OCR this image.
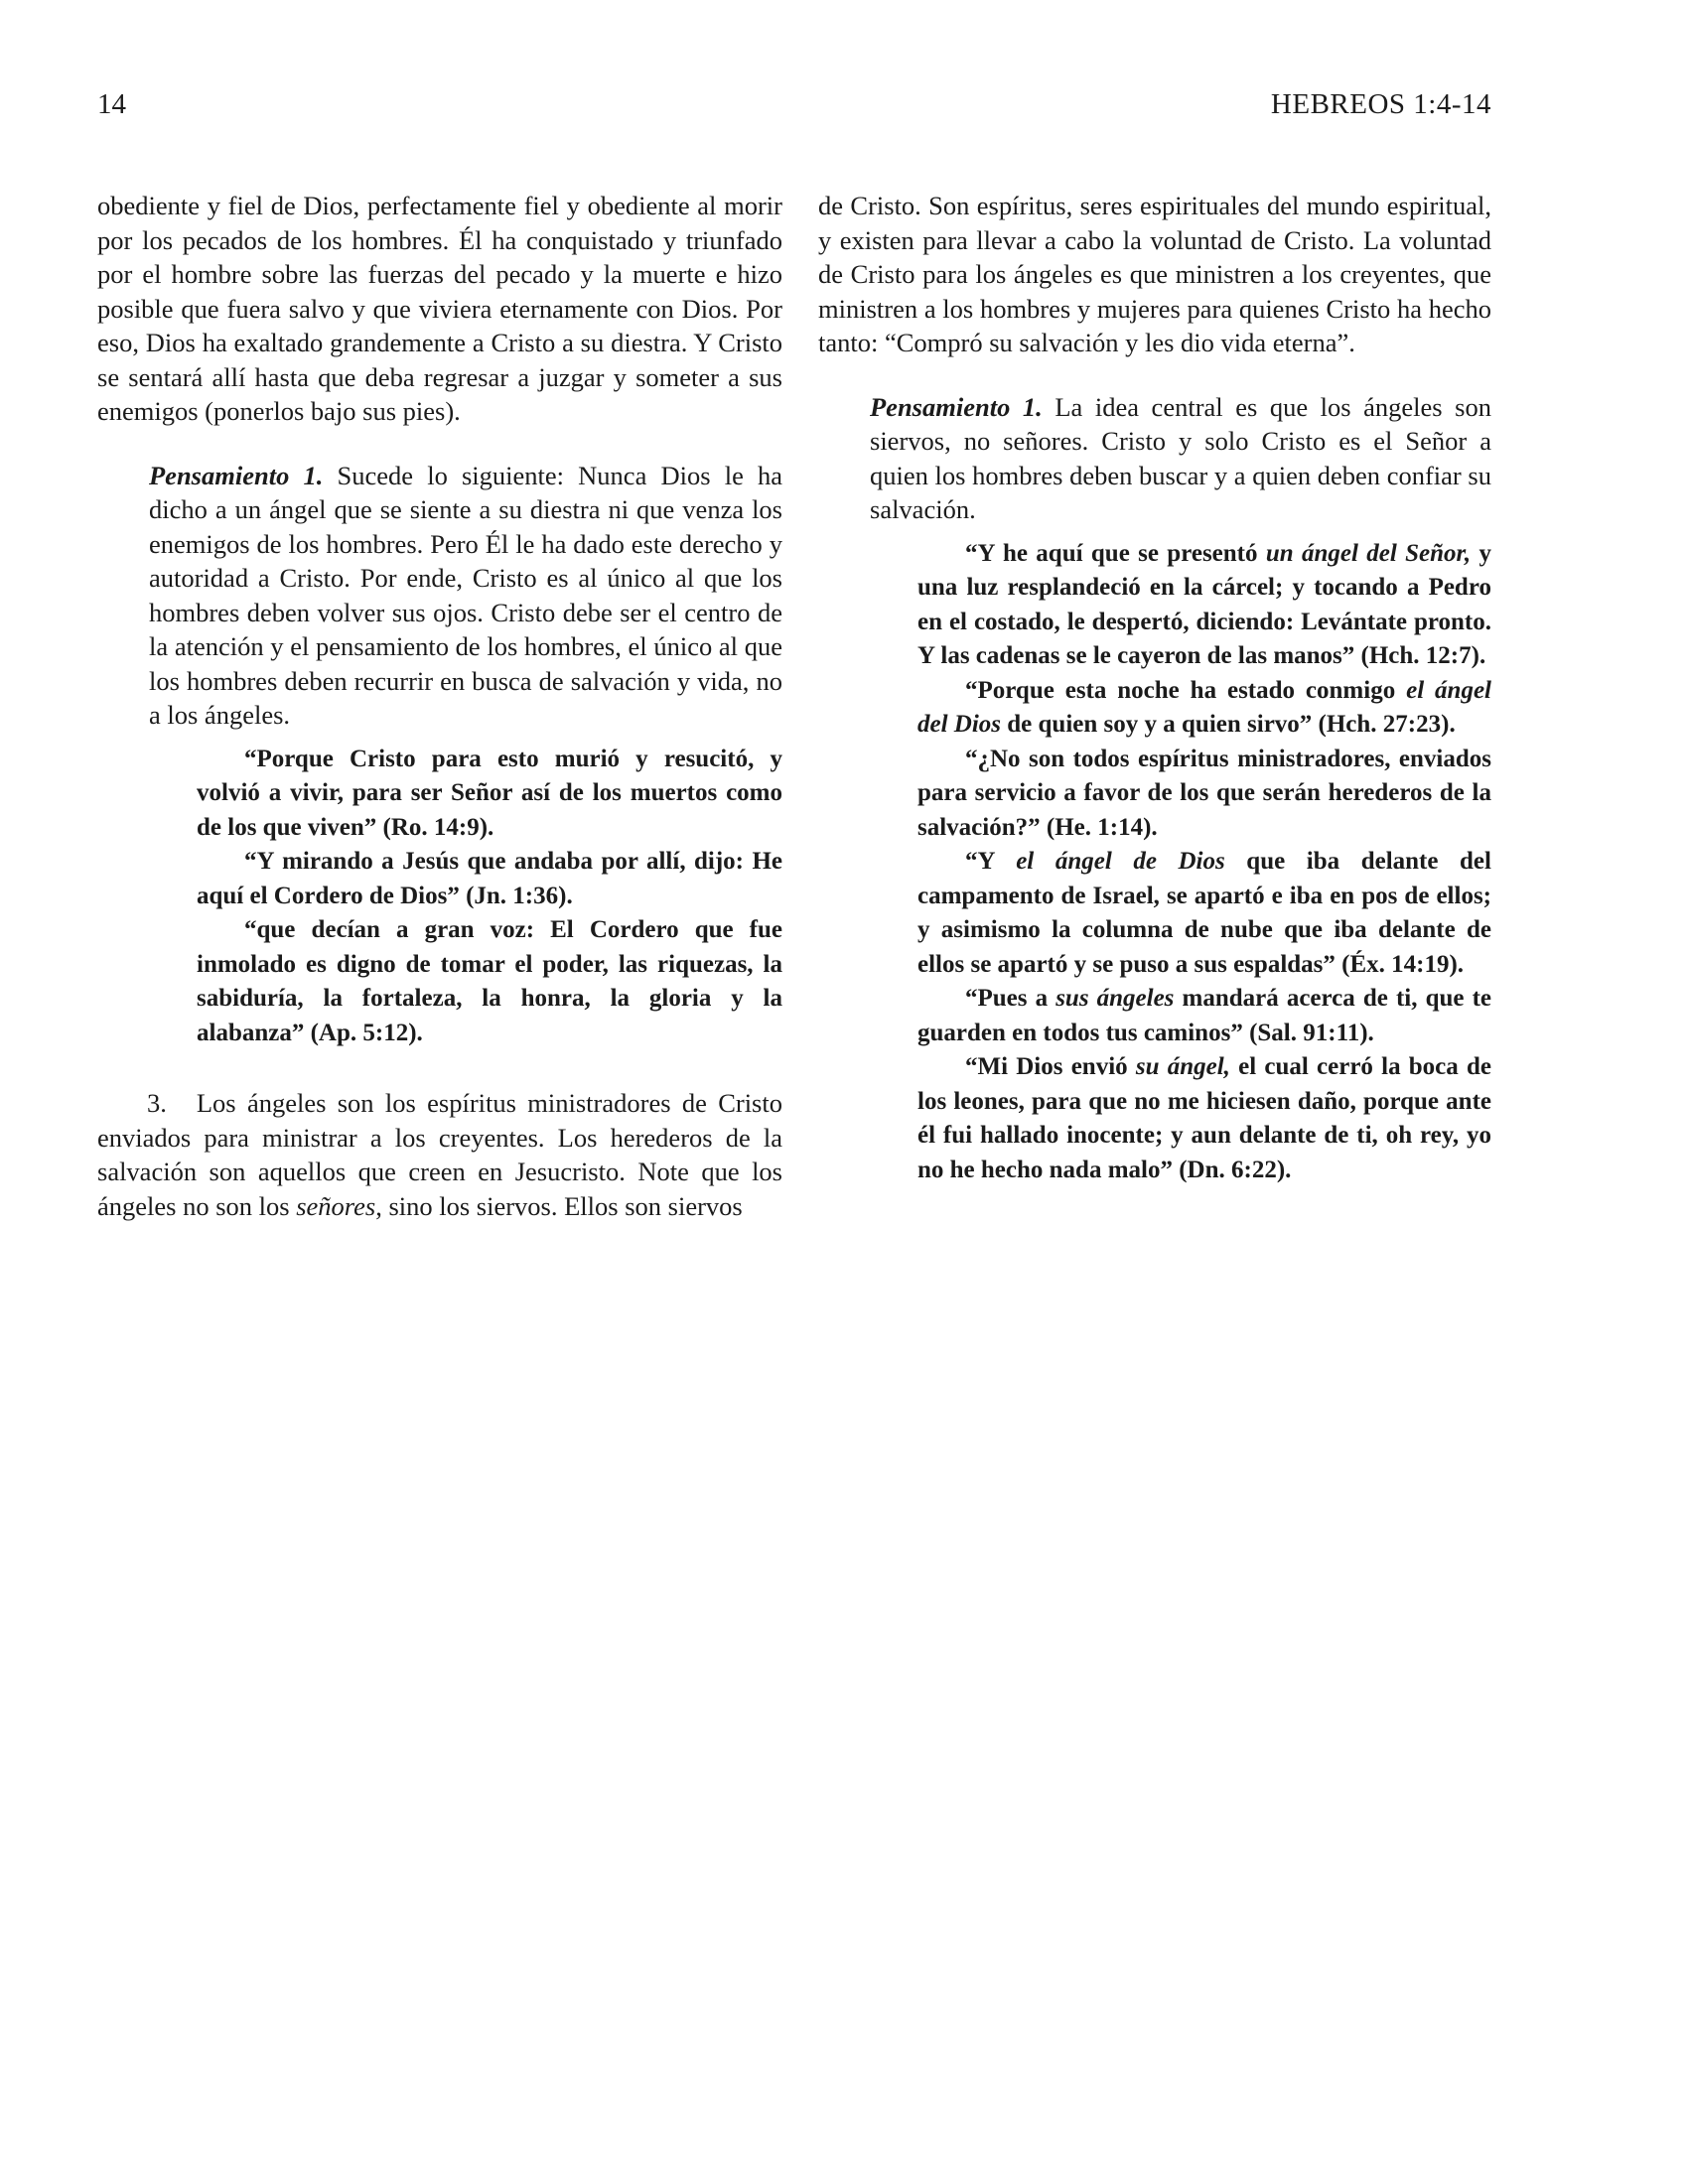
14	HEBREOS 1:4-14

obediente y fiel de Dios, perfectamente fiel y obediente al morir por los pecados de los hombres. Él ha conquistado y triunfado por el hombre sobre las fuerzas del pecado y la muerte e hizo posible que fuera salvo y que viviera eternamente con Dios. Por eso, Dios ha exaltado grandemente a Cristo a su diestra. Y Cristo se sentará allí hasta que deba regresar a juzgar y someter a sus enemigos (ponerlos bajo sus pies).

Pensamiento 1. Sucede lo siguiente: Nunca Dios le ha dicho a un ángel que se siente a su diestra ni que venza los enemigos de los hombres. Pero Él le ha dado este derecho y autoridad a Cristo. Por ende, Cristo es al único al que los hombres deben volver sus ojos. Cristo debe ser el centro de la atención y el pensamiento de los hombres, el único al que los hombres deben recurrir en busca de salvación y vida, no a los ángeles.

“Porque Cristo para esto murió y resucitó, y volvió a vivir, para ser Señor así de los muertos como de los que viven” (Ro. 14:9).

“Y mirando a Jesús que andaba por allí, dijo: He aquí el Cordero de Dios” (Jn. 1:36).

“que decían a gran voz: El Cordero que fue inmolado es digno de tomar el poder, las riquezas, la sabiduría, la fortaleza, la honra, la gloria y la alabanza” (Ap. 5:12).

3. Los ángeles son los espíritus ministradores de Cristo enviados para ministrar a los creyentes. Los herederos de la salvación son aquellos que creen en Jesucristo. Note que los ángeles no son los señores, sino los siervos. Ellos son siervos

de Cristo. Son espíritus, seres espirituales del mundo espiritual, y existen para llevar a cabo la voluntad de Cristo. La voluntad de Cristo para los ángeles es que ministren a los creyentes, que ministren a los hombres y mujeres para quienes Cristo ha hecho tanto: “Compró su salvación y les dio vida eterna”.

Pensamiento 1. La idea central es que los ángeles son siervos, no señores. Cristo y solo Cristo es el Señor a quien los hombres deben buscar y a quien deben confiar su salvación.

“Y he aquí que se presentó un ángel del Señor, y una luz resplandeció en la cárcel; y tocando a Pedro en el costado, le despertó, diciendo: Levántate pronto. Y las cadenas se le cayeron de las manos” (Hch. 12:7).

“Porque esta noche ha estado conmigo el ángel del Dios de quien soy y a quien sirvo” (Hch. 27:23).

“¿No son todos espíritus ministradores, enviados para servicio a favor de los que serán herederos de la salvación?” (He. 1:14).

“Y el ángel de Dios que iba delante del campamento de Israel, se apartó e iba en pos de ellos; y asimismo la columna de nube que iba delante de ellos se apartó y se puso a sus espaldas” (Éx. 14:19).

“Pues a sus ángeles mandará acerca de ti, que te guarden en todos tus caminos” (Sal. 91:11).

“Mi Dios envió su ángel, el cual cerró la boca de los leones, para que no me hiciesen daño, porque ante él fui hallado inocente; y aun delante de ti, oh rey, yo no he hecho nada malo” (Dn. 6:22).
